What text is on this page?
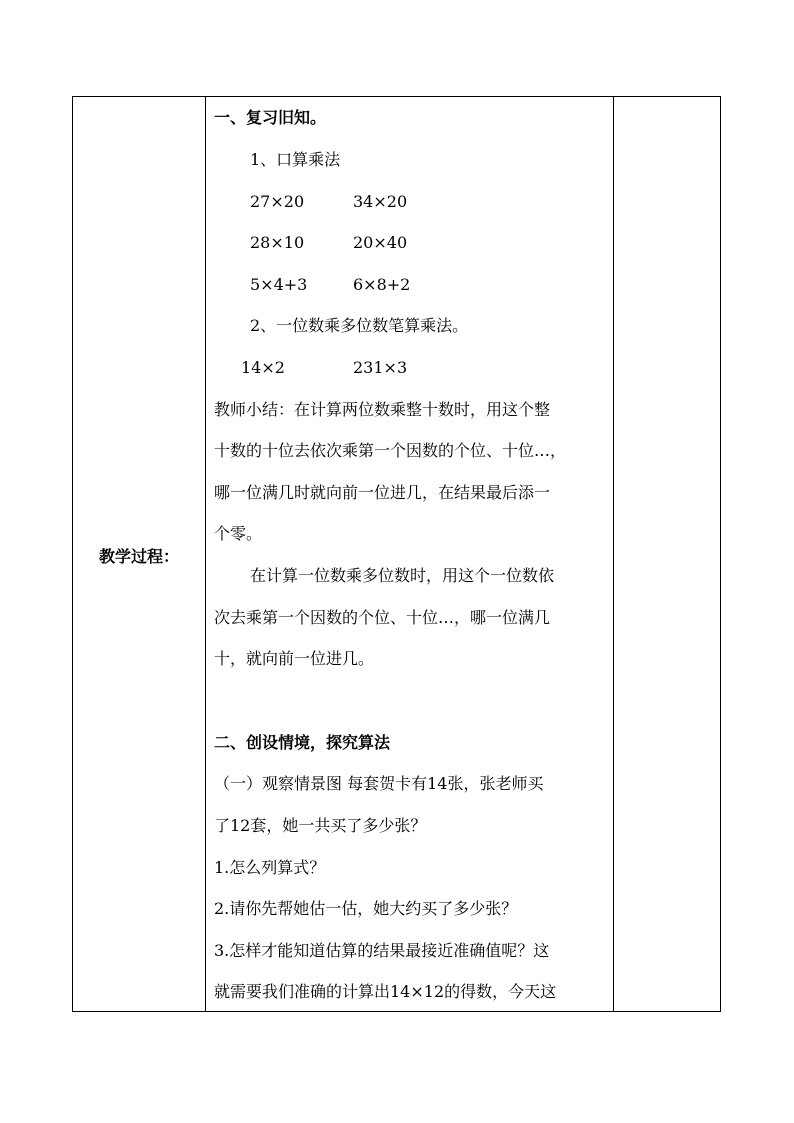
教学过程：
一、复习旧知。
1、口算乘法
27×20	34×20
28×10	20×40
5×4+3	6×8+2
2、一位数乘多位数笔算乘法。
14×2	231×3
教师小结：在计算两位数乘整十数时，用这个整
十数的十位去依次乘第一个因数的个位、十位…，
哪一位满几时就向前一位进几，在结果最后添一
个零。
在计算一位数乘多位数时，用这个一位数依
次去乘第一个因数的个位、十位…，哪一位满几
十，就向前一位进几。
二、创设情境，探究算法
（一）观察情景图 每套贺卡有14张，张老师买
了12套，她一共买了多少张？
1.怎么列算式？
2.请你先帮她估一估，她大约买了多少张？
3.怎样才能知道估算的结果最接近准确值呢？这
就需要我们准确的计算出14×12的得数，今天这
